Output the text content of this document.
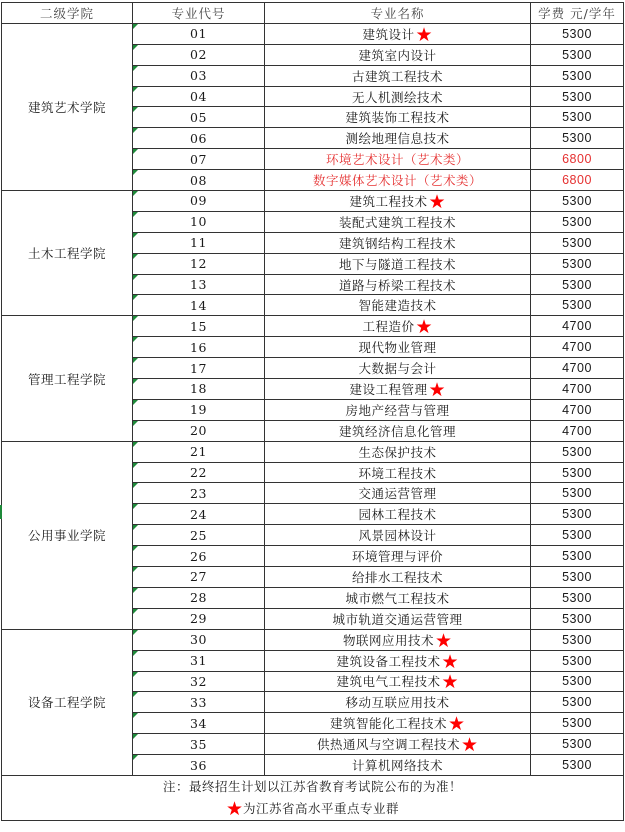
二级学院	专业代号	专业名称	学费 元/学年
建筑艺术学院	01	建筑设计★	5300
	02	建筑室内设计	5300
	03	古建筑工程技术	5300
	04	无人机测绘技术	5300
	05	建筑装饰工程技术	5300
	06	测绘地理信息技术	5300
	07	环境艺术设计（艺术类）	6800
	08	数字媒体艺术设计（艺术类）	6800
土木工程学院	09	建筑工程技术★	5300
	10	装配式建筑工程技术	5300
	11	建筑钢结构工程技术	5300
	12	地下与隧道工程技术	5300
	13	道路与桥梁工程技术	5300
	14	智能建造技术	5300
管理工程学院	15	工程造价★	4700
	16	现代物业管理	4700
	17	大数据与会计	4700
	18	建设工程管理★	4700
	19	房地产经营与管理	4700
	20	建筑经济信息化管理	4700
公用事业学院	21	生态保护技术	5300
	22	环境工程技术	5300
	23	交通运营管理	5300
	24	园林工程技术	5300
	25	风景园林设计	5300
	26	环境管理与评价	5300
	27	给排水工程技术	5300
	28	城市燃气工程技术	5300
	29	城市轨道交通运营管理	5300
设备工程学院	30	物联网应用技术★	5300
	31	建筑设备工程技术★	5300
	32	建筑电气工程技术★	5300
	33	移动互联应用技术	5300
	34	建筑智能化工程技术★	5300
	35	供热通风与空调工程技术★	5300
	36	计算机网络技术	5300

注：最终招生计划以江苏省教育考试院公布的为准！
★为江苏省高水平重点专业群			
